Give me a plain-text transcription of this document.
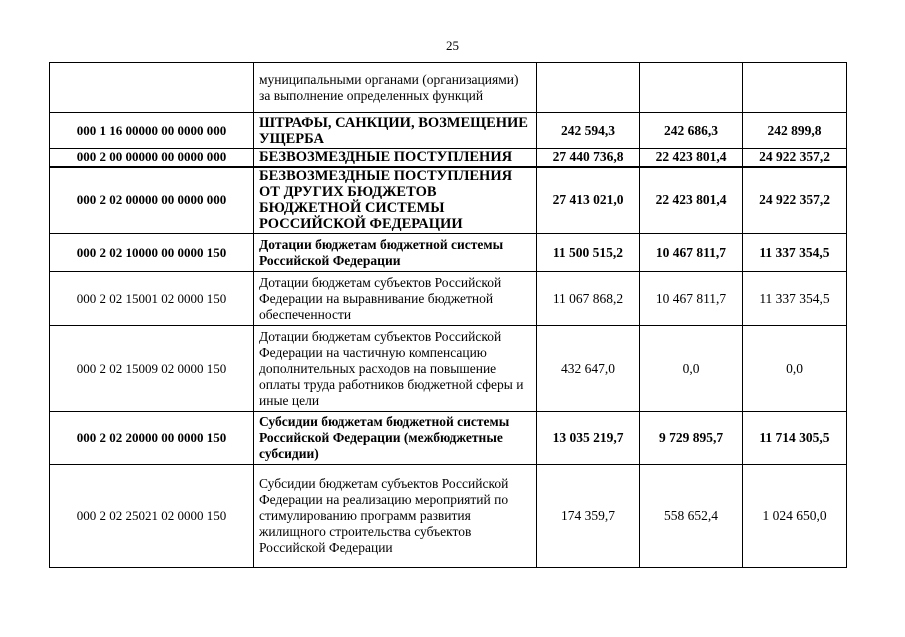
25
	муниципальными органами (организациями) за выполнение определенных функций			
000 1 16 00000 00 0000 000	ШТРАФЫ, САНКЦИИ, ВОЗМЕЩЕНИЕ УЩЕРБА	242 594,3	242 686,3	242 899,8
000 2 00 00000 00 0000 000	БЕЗВОЗМЕЗДНЫЕ ПОСТУПЛЕНИЯ	27 440 736,8	22 423 801,4	24 922 357,2
000 2 02 00000 00 0000 000	БЕЗВОЗМЕЗДНЫЕ ПОСТУПЛЕНИЯ ОТ ДРУГИХ БЮДЖЕТОВ БЮДЖЕТНОЙ СИСТЕМЫ РОССИЙСКОЙ ФЕДЕРАЦИИ	27 413 021,0	22 423 801,4	24 922 357,2
000 2 02 10000 00 0000 150	Дотации бюджетам бюджетной системы Российской Федерации	11 500 515,2	10 467 811,7	11 337 354,5
000 2 02 15001 02 0000 150	Дотации бюджетам субъектов Российской Федерации на выравнивание бюджетной обеспеченности	11 067 868,2	10 467 811,7	11 337 354,5
000 2 02 15009 02 0000 150	Дотации бюджетам субъектов Российской Федерации на частичную компенсацию дополнительных расходов на повышение оплаты труда работников бюджетной сферы и иные цели	432 647,0	0,0	0,0
000 2 02 20000 00 0000 150	Субсидии бюджетам бюджетной системы Российской Федерации (межбюджетные субсидии)	13 035 219,7	9 729 895,7	11 714 305,5
000 2 02 25021 02 0000 150	Субсидии бюджетам субъектов Российской Федерации на реализацию мероприятий по стимулированию программ развития жилищного строительства субъектов Российской Федерации	174 359,7	558 652,4	1 024 650,0
